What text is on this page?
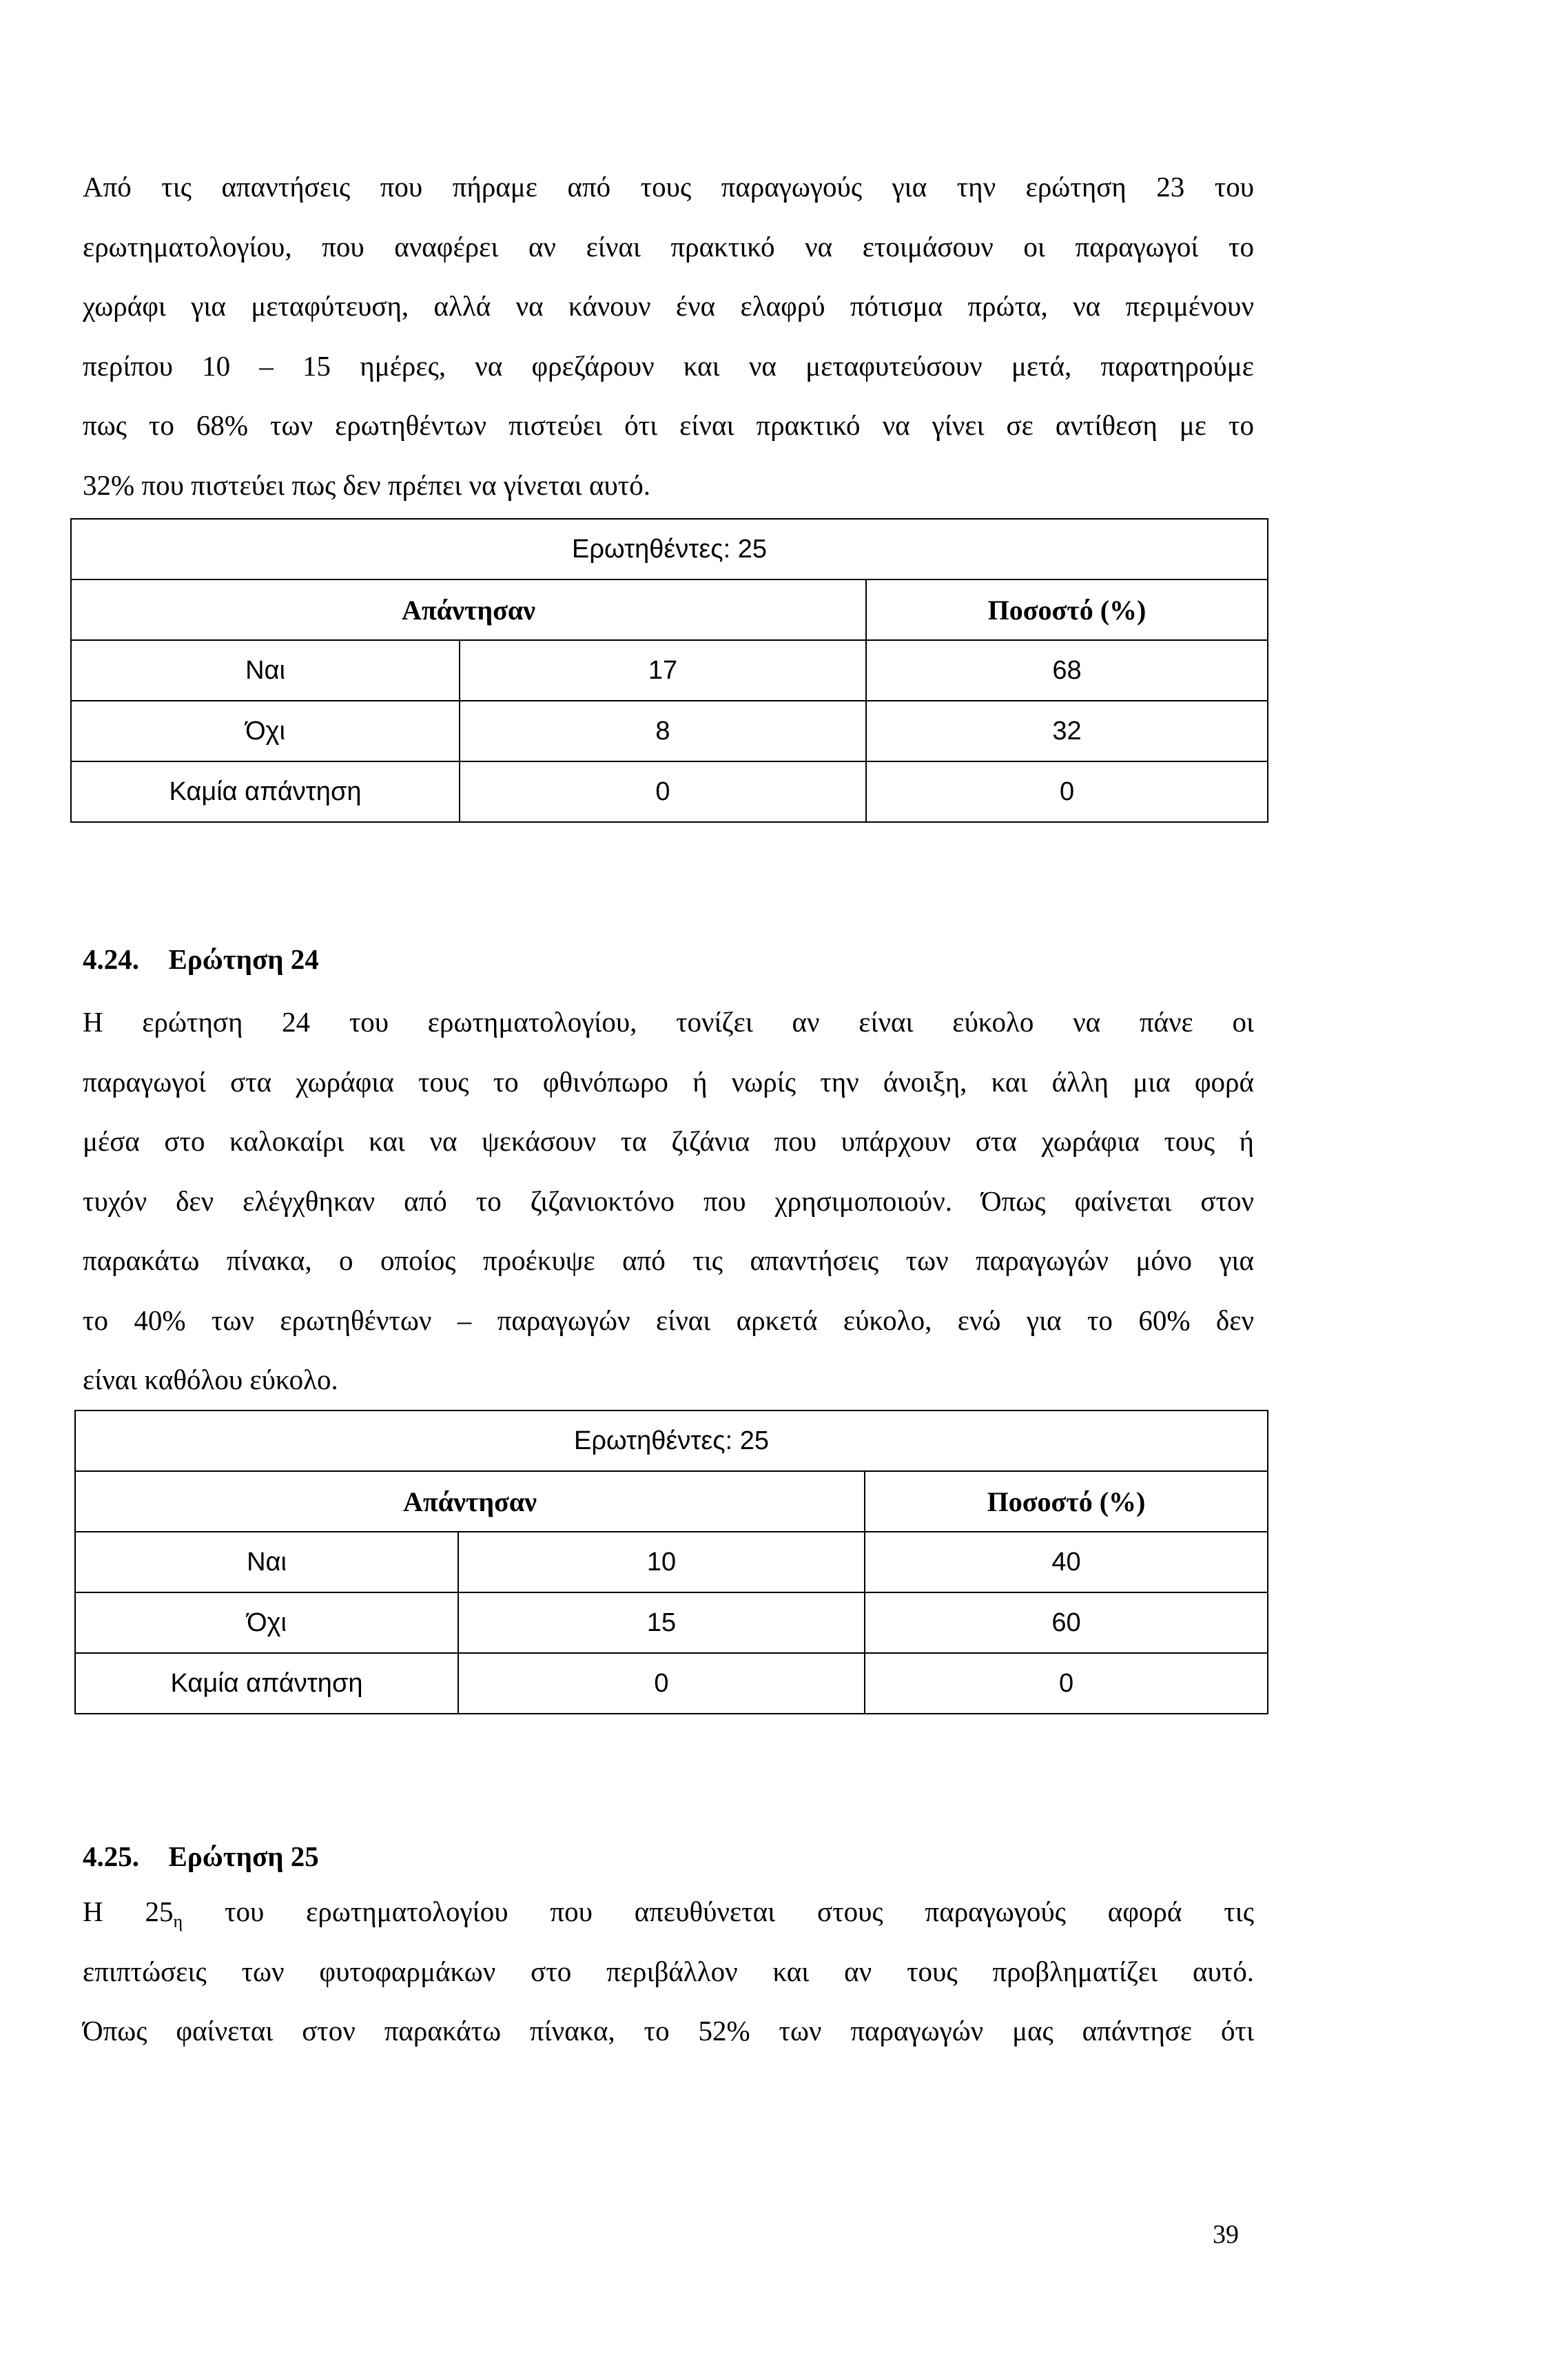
Από τις απαντήσεις που πήραμε από τους παραγωγούς για την ερώτηση 23 του
ερωτηματολογίου, που αναφέρει αν είναι πρακτικό να ετοιμάσουν οι παραγωγοί το
χωράφι για μεταφύτευση, αλλά να κάνουν ένα ελαφρύ πότισμα πρώτα, να περιμένουν
περίπου 10 – 15 ημέρες, να φρεζάρουν και να μεταφυτεύσουν μετά, παρατηρούμε
πως το 68% των ερωτηθέντων πιστεύει ότι είναι πρακτικό να γίνει σε αντίθεση με το
32% που πιστεύει πως δεν πρέπει να γίνεται αυτό.
Ερωτηθέντες: 25		
Απάντησαν		Ποσοστό (%)
Ναι	17	68
Όχι	8	32
Καμία απάντηση	0	0
4.24. Ερώτηση 24
Η ερώτηση 24 του ερωτηματολογίου, τονίζει αν είναι εύκολο να πάνε οι
παραγωγοί στα χωράφια τους το φθινόπωρο ή νωρίς την άνοιξη, και άλλη μια φορά
μέσα στο καλοκαίρι και να ψεκάσουν τα ζιζάνια που υπάρχουν στα χωράφια τους ή
τυχόν δεν ελέγχθηκαν από το ζιζανιοκτόνο που χρησιμοποιούν. Όπως φαίνεται στον
παρακάτω πίνακα, ο οποίος προέκυψε από τις απαντήσεις των παραγωγών μόνο για
το 40% των ερωτηθέντων – παραγωγών είναι αρκετά εύκολο, ενώ για το 60% δεν
είναι καθόλου εύκολο.
Ερωτηθέντες: 25		
Απάντησαν		Ποσοστό (%)
Ναι	10	40
Όχι	15	60
Καμία απάντηση	0	0
4.25. Ερώτηση 25
Η $25_\eta$ του ερωτηματολογίου που απευθύνεται στους παραγωγούς αφορά τις
επιπτώσεις των φυτοφαρμάκων στο περιβάλλον και αν τους προβληματίζει αυτό.
Όπως φαίνεται στον παρακάτω πίνακα, το 52% των παραγωγών μας απάντησε ότι
39
